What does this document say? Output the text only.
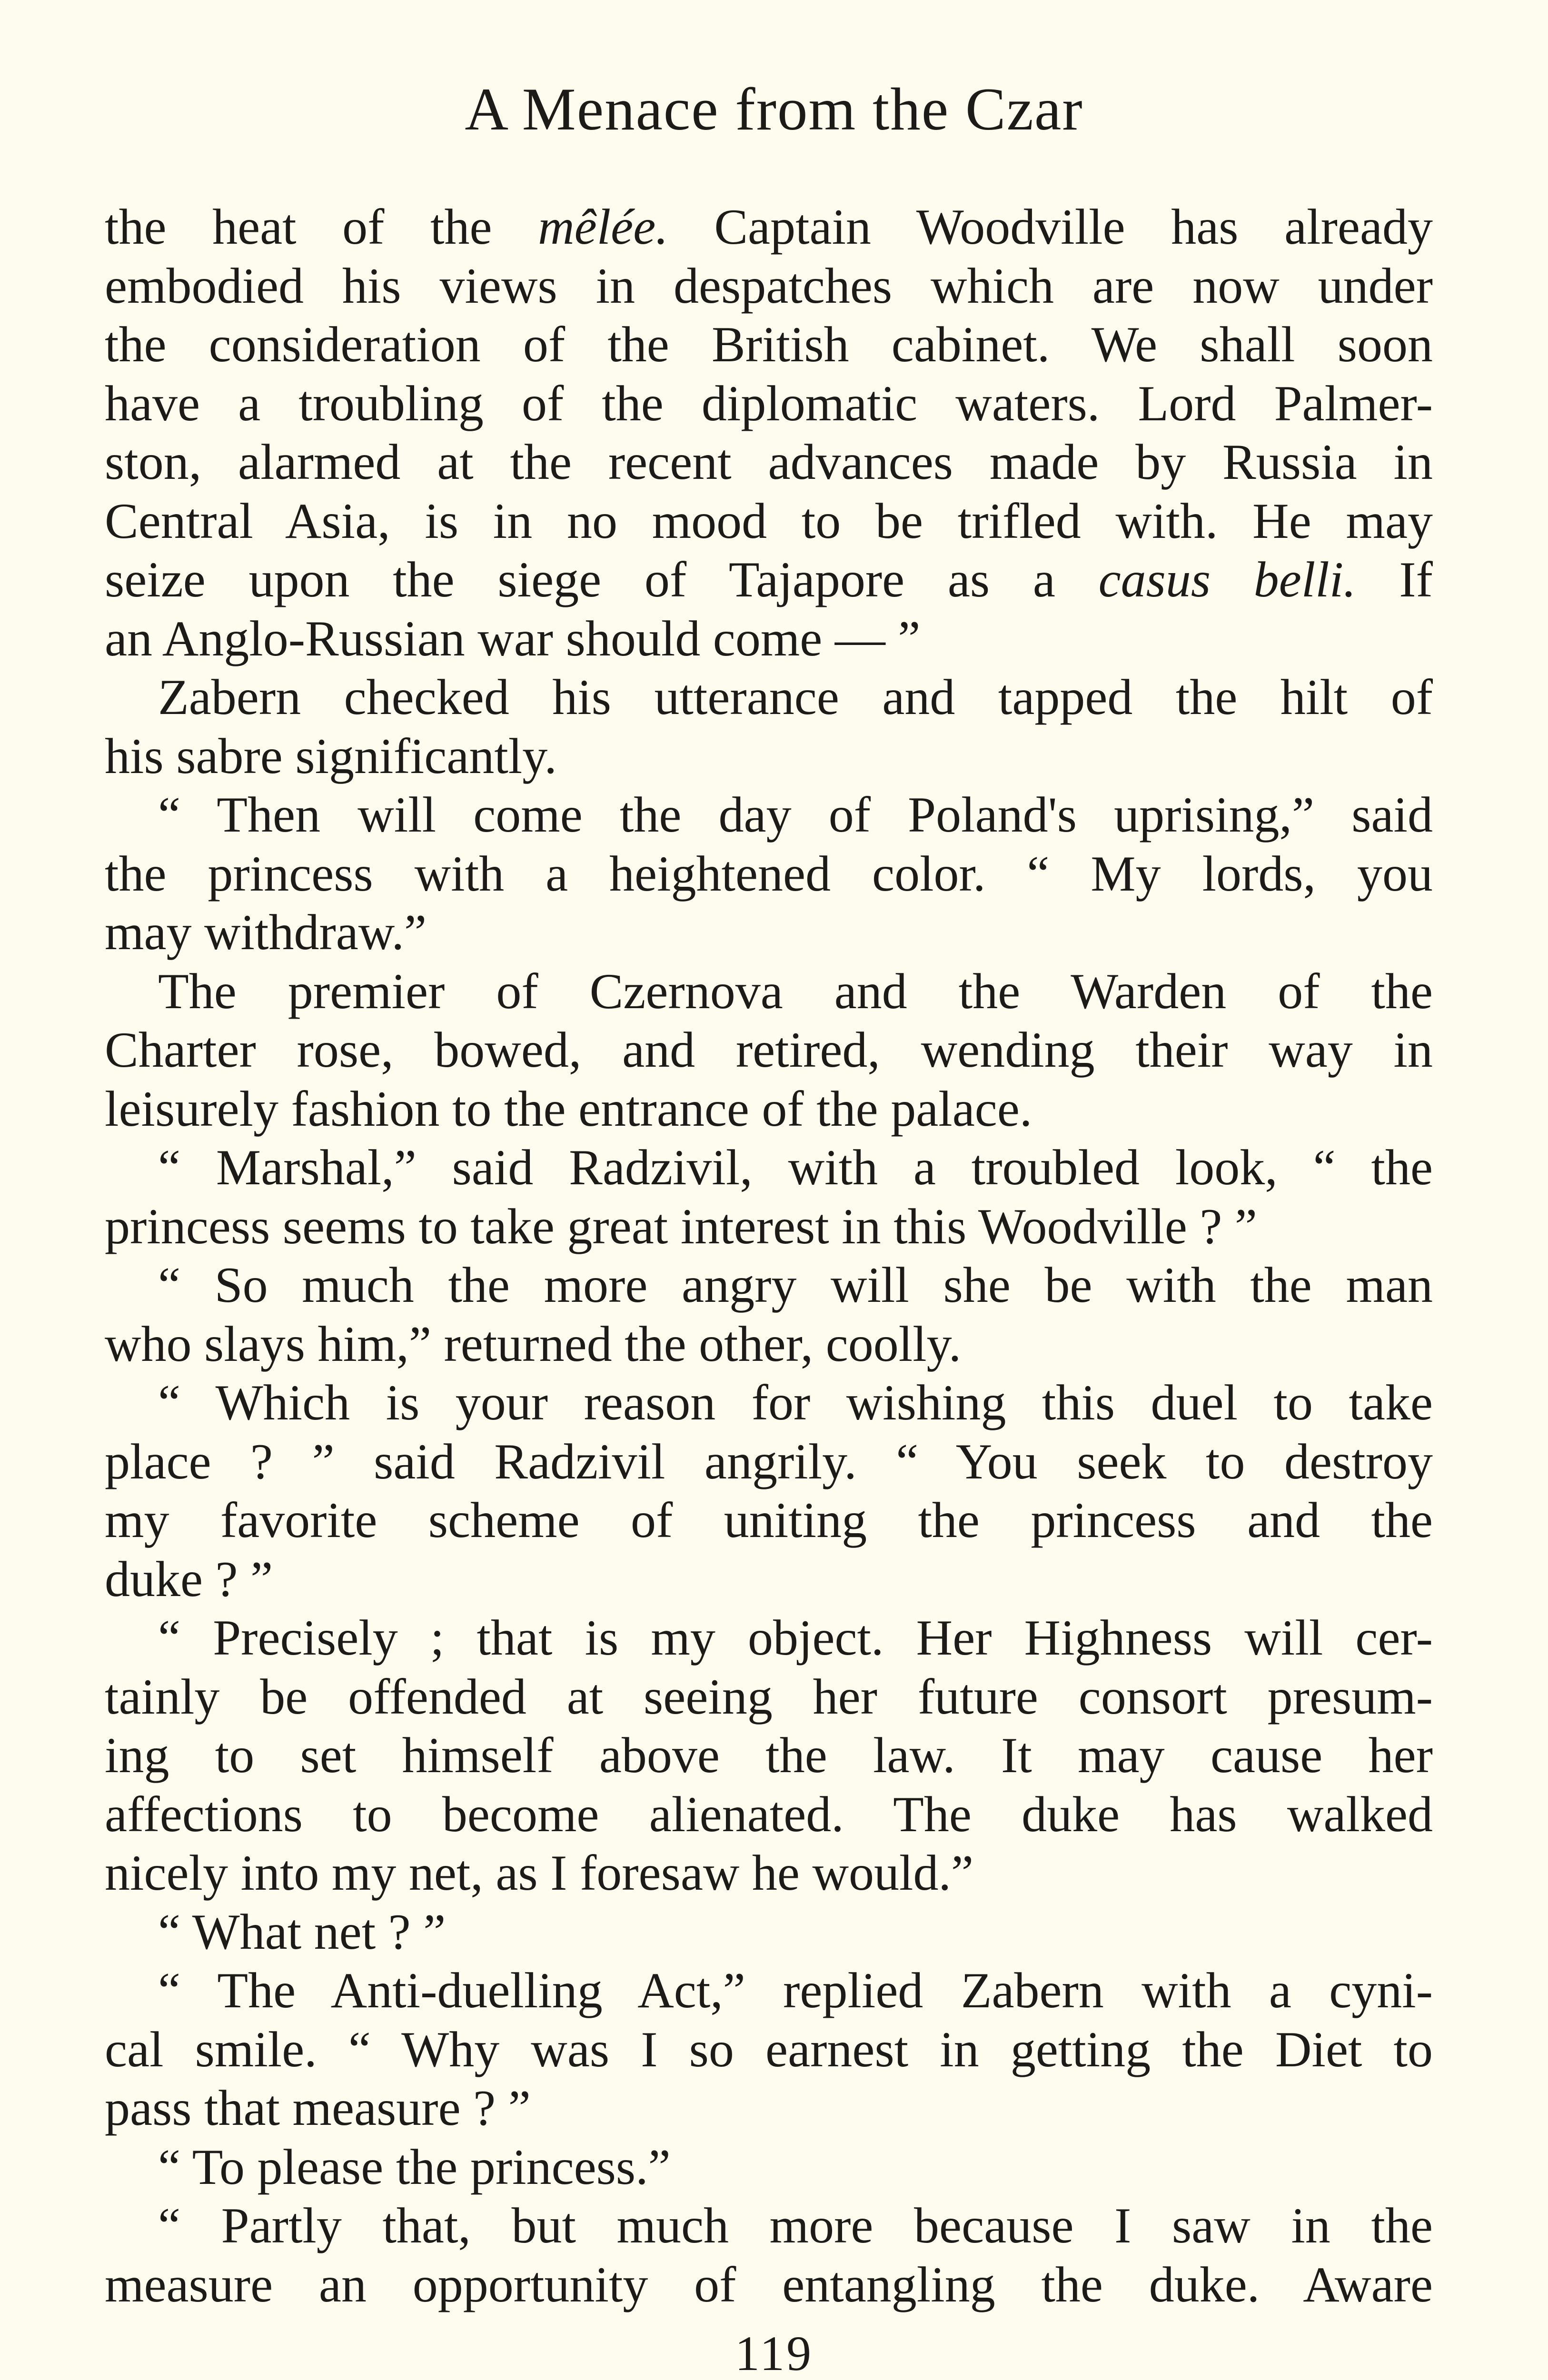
A Menace from the Czar
the heat of the mêlée. Captain Woodville has already
embodied his views in despatches which are now under
the consideration of the British cabinet. We shall soon
have a troubling of the diplomatic waters. Lord Palmer-
ston, alarmed at the recent advances made by Russia in
Central Asia, is in no mood to be trifled with. He may
seize upon the siege of Tajapore as a casus belli. If
an Anglo-Russian war should come — ”
Zabern checked his utterance and tapped the hilt of
his sabre significantly.
“ Then will come the day of Poland's uprising,” said
the princess with a heightened color. “ My lords, you
may withdraw.”
The premier of Czernova and the Warden of the
Charter rose, bowed, and retired, wending their way in
leisurely fashion to the entrance of the palace.
“ Marshal,” said Radzivil, with a troubled look, “ the
princess seems to take great interest in this Woodville ? ”
“ So much the more angry will she be with the man
who slays him,” returned the other, coolly.
“ Which is your reason for wishing this duel to take
place ? ” said Radzivil angrily. “ You seek to destroy
my favorite scheme of uniting the princess and the
duke ? ”
“ Precisely ; that is my object. Her Highness will cer-
tainly be offended at seeing her future consort presum-
ing to set himself above the law. It may cause her
affections to become alienated. The duke has walked
nicely into my net, as I foresaw he would.”
“ What net ? ”
“ The Anti-duelling Act,” replied Zabern with a cyni-
cal smile. “ Why was I so earnest in getting the Diet to
pass that measure ? ”
“ To please the princess.”
“ Partly that, but much more because I saw in the
measure an opportunity of entangling the duke. Aware
119
